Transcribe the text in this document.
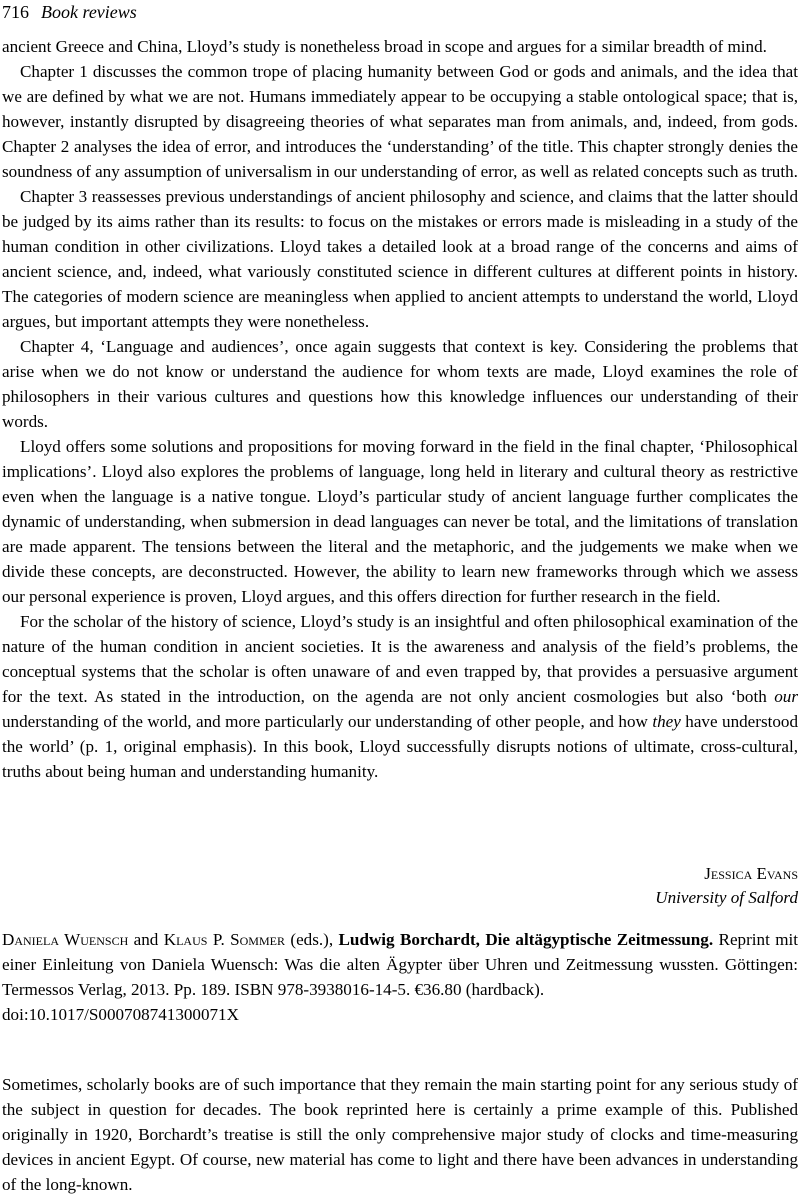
716 Book reviews

ancient Greece and China, Lloyd’s study is nonetheless broad in scope and argues for a similar breadth of mind.

Chapter 1 discusses the common trope of placing humanity between God or gods and animals, and the idea that we are defined by what we are not. Humans immediately appear to be occupying a stable ontological space; that is, however, instantly disrupted by disagreeing theories of what separates man from animals, and, indeed, from gods. Chapter 2 analyses the idea of error, and introduces the ‘understanding’ of the title. This chapter strongly denies the soundness of any assumption of universalism in our understanding of error, as well as related concepts such as truth.

Chapter 3 reassesses previous understandings of ancient philosophy and science, and claims that the latter should be judged by its aims rather than its results: to focus on the mistakes or errors made is misleading in a study of the human condition in other civilizations. Lloyd takes a detailed look at a broad range of the concerns and aims of ancient science, and, indeed, what variously constituted science in different cultures at different points in history. The categories of modern science are meaningless when applied to ancient attempts to understand the world, Lloyd argues, but important attempts they were nonetheless.

Chapter 4, ‘Language and audiences’, once again suggests that context is key. Considering the problems that arise when we do not know or understand the audience for whom texts are made, Lloyd examines the role of philosophers in their various cultures and questions how this knowledge influences our understanding of their words.

Lloyd offers some solutions and propositions for moving forward in the field in the final chapter, ‘Philosophical implications’. Lloyd also explores the problems of language, long held in literary and cultural theory as restrictive even when the language is a native tongue. Lloyd’s particular study of ancient language further complicates the dynamic of understanding, when submersion in dead languages can never be total, and the limitations of translation are made apparent. The tensions between the literal and the metaphoric, and the judgements we make when we divide these concepts, are deconstructed. However, the ability to learn new frameworks through which we assess our personal experience is proven, Lloyd argues, and this offers direction for further research in the field.

For the scholar of the history of science, Lloyd’s study is an insightful and often philosophical examination of the nature of the human condition in ancient societies. It is the awareness and analysis of the field’s problems, the conceptual systems that the scholar is often unaware of and even trapped by, that provides a persuasive argument for the text. As stated in the introduction, on the agenda are not only ancient cosmologies but also ‘both our understanding of the world, and more particularly our understanding of other people, and how they have understood the world’ (p. 1, original emphasis). In this book, Lloyd successfully disrupts notions of ultimate, cross-cultural, truths about being human and understanding humanity.

Jessica Evans
University of Salford

Daniela Wuensch and Klaus P. Sommer (eds.), Ludwig Borchardt, Die altägyptische Zeitmessung. Reprint mit einer Einleitung von Daniela Wuensch: Was die alten Ägypter über Uhren und Zeitmessung wussten. Göttingen: Termessos Verlag, 2013. Pp. 189. ISBN 978-3938016-14-5. €36.80 (hardback).

doi:10.1017/S000708741300071X

Sometimes, scholarly books are of such importance that they remain the main starting point for any serious study of the subject in question for decades. The book reprinted here is certainly a prime example of this. Published originally in 1920, Borchardt’s treatise is still the only comprehensive major study of clocks and time-measuring devices in ancient Egypt. Of course, new material has come to light and there have been advances in understanding of the long-known.
